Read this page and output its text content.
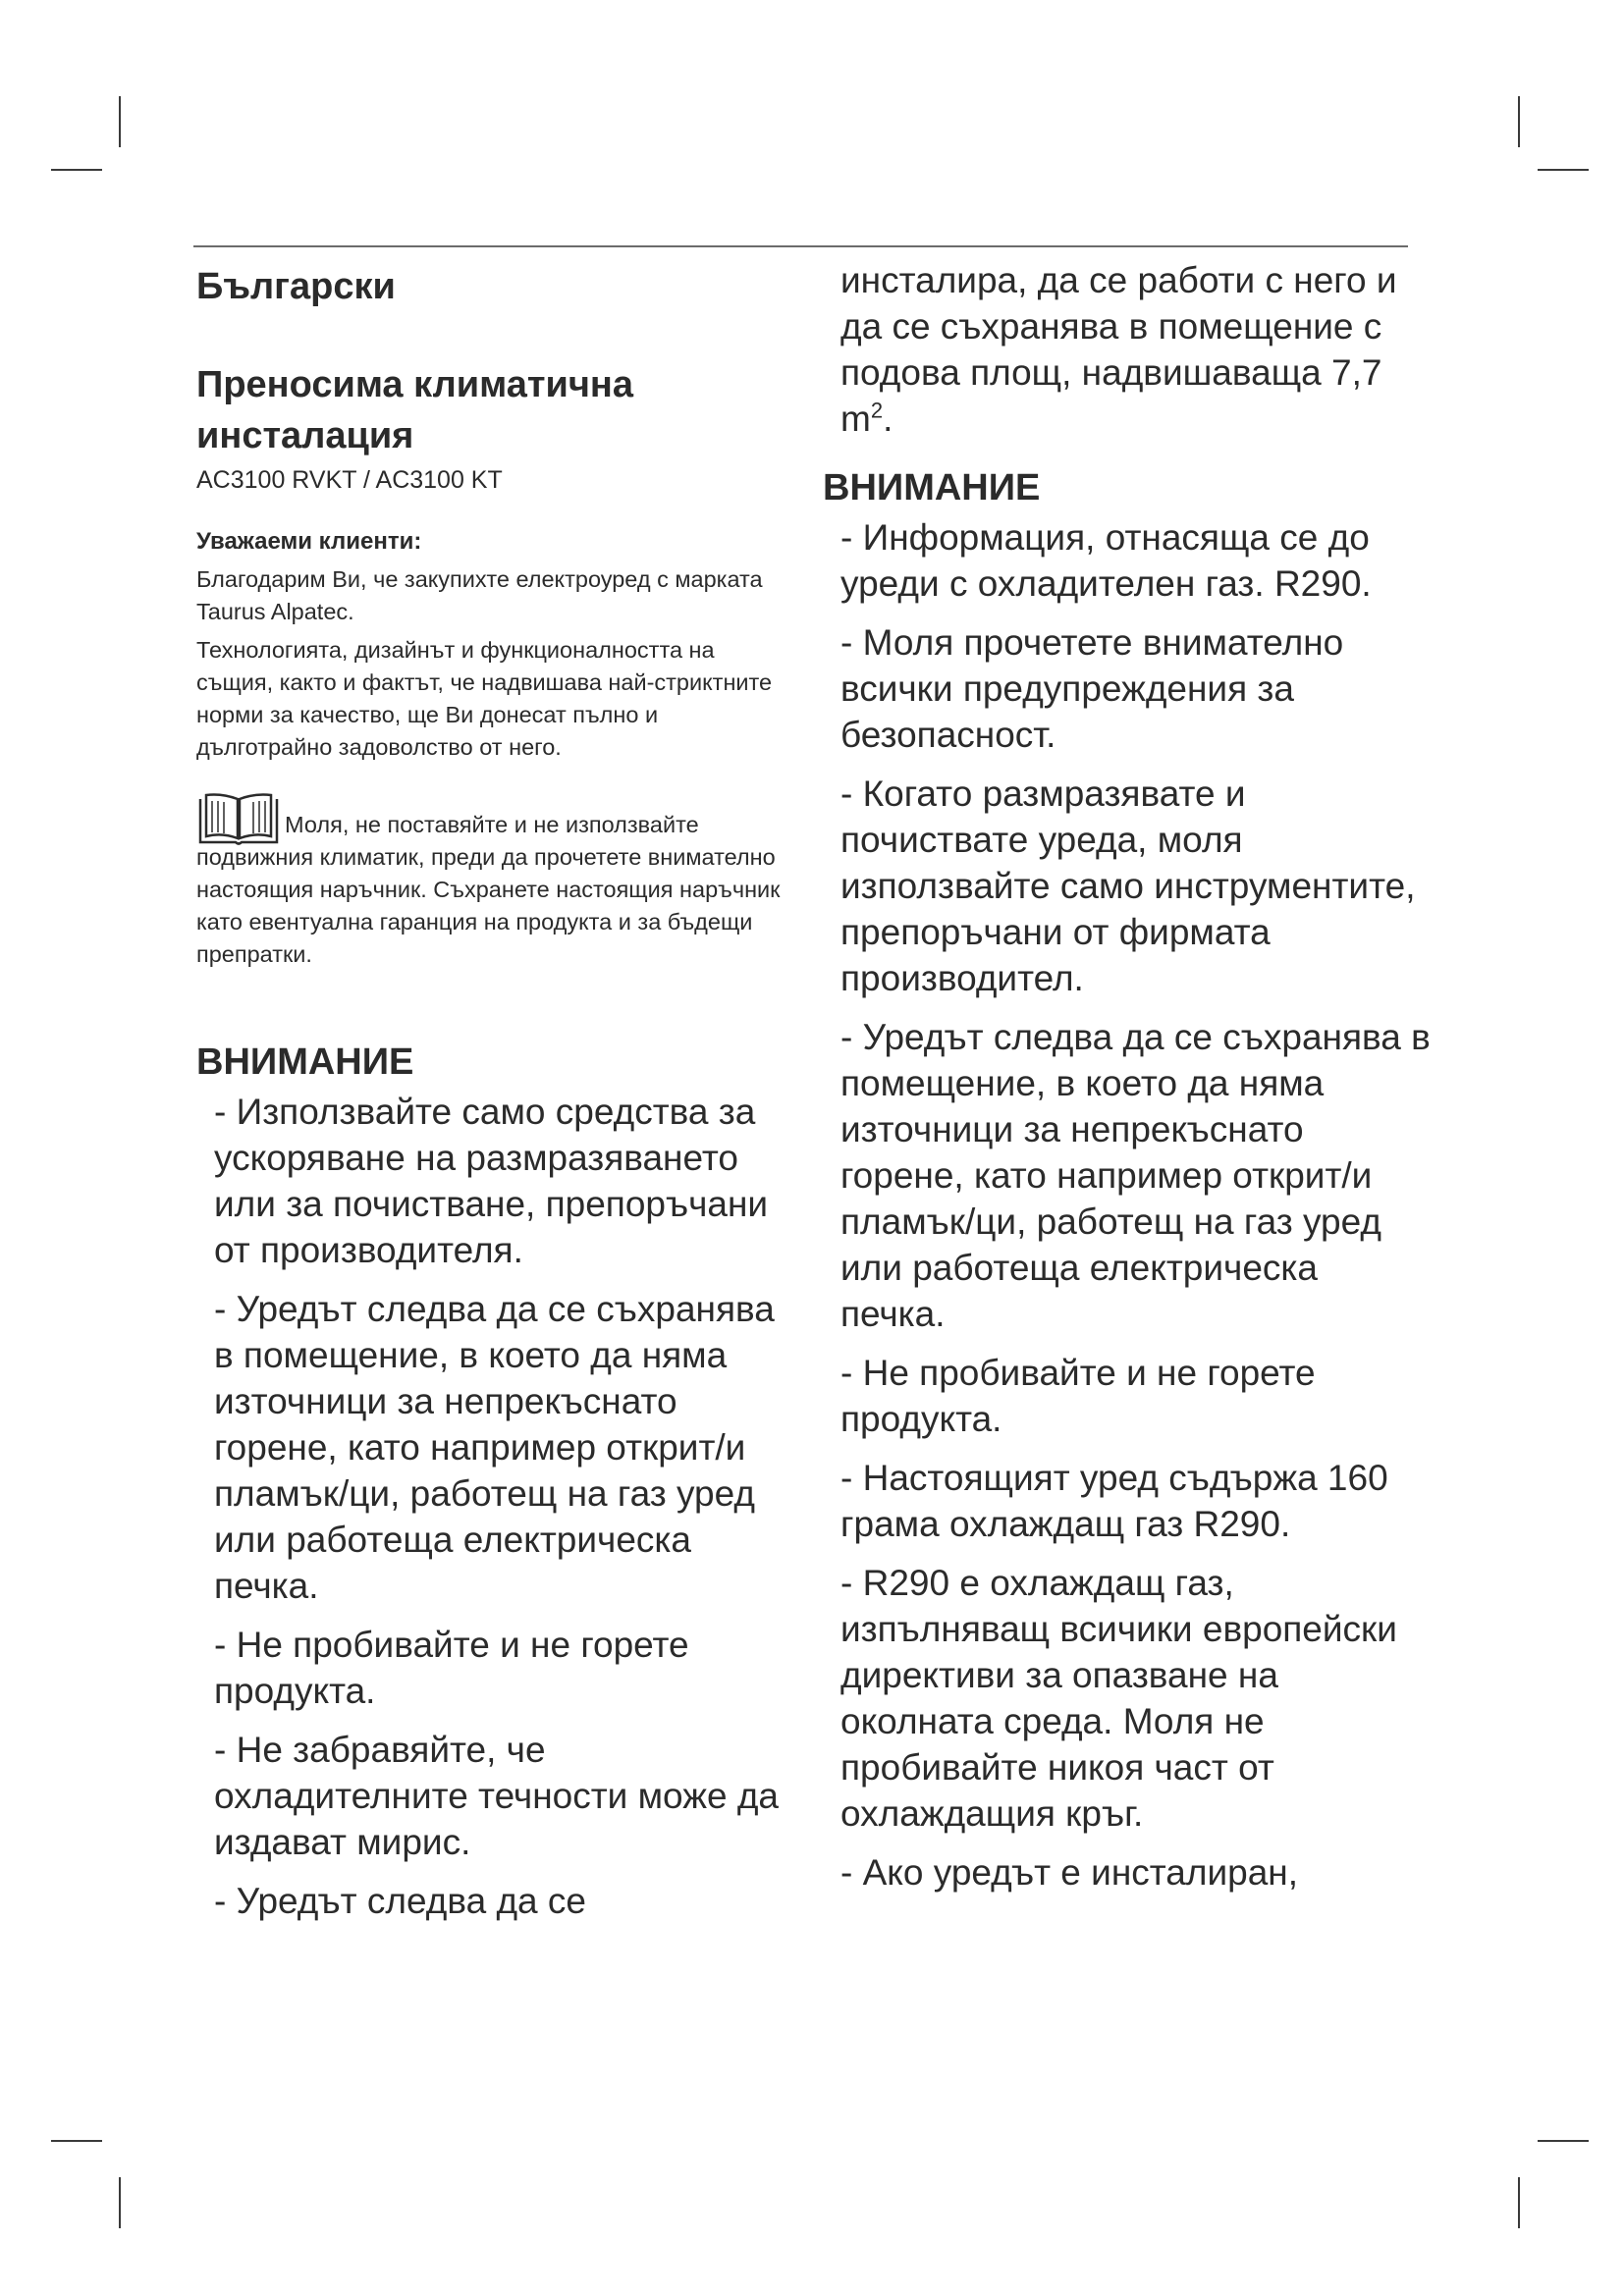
Български

Преносима климатична
инсталация

AC3100 RVKT / AC3100 KT

Уважаеми клиенти:

Благодарим Ви, че закупихте електроуред с марката Taurus Alpatec.

Технологията, дизайнът и функционалността на същия, както и фактът, че надвишава най-стриктните норми за качество, ще Ви донесат пълно и дълготрайно задоволство от него.

Моля, не поставяйте и не използвайте подвижния климатик, преди да прочетете внимателно настоящия наръчник. Съхранете настоящия наръчник като евентуална гаранция на продукта и за бъдещи препратки.

ВНИМАНИЕ

- Използвайте само средства за ускоряване на размразяването или за почистване, препоръчани от производителя.

- Уредът следва да се съхранява в помещение, в което да няма източници за непрекъснато горене, като например открит/и пламък/ци, работещ на газ уред или работеща електрическа печка.

- Не пробивайте и не горете продукта.

- Не забравяйте, че охладителните течности може да издават мирис.

- Уредът следва да се

инсталира, да се работи с него и да се съхранява в помещение с подова площ, надвишаваща 7,7 $m^2$.

ВНИМАНИЕ

- Информация, отнасяща се до уреди с охладителен газ. R290.

- Моля прочетете внимателно всички предупреждения за безопасност.

- Когато размразявате и почиствате уреда, моля използвайте само инструментите, препоръчани от фирмата производител.

- Уредът следва да се съхранява в помещение, в което да няма източници за непрекъснато горене, като например открит/и пламък/ци, работещ на газ уред или работеща електрическа печка.

- Не пробивайте и не горете продукта.

- Настоящият уред съдържа 160 грама охлаждащ газ R290.

- R290 е охлаждащ газ, изпълняващ всичики европейски директиви за опазване на околната среда. Моля не пробивайте никоя част от охлаждащия кръг.

- Ако уредът е инсталиран,
